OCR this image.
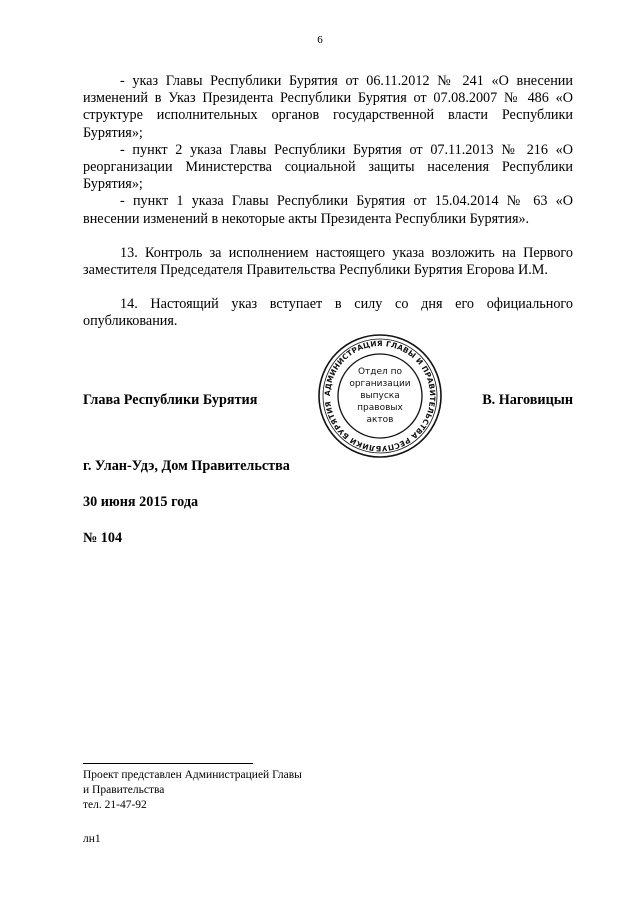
6

- указ Главы Республики Бурятия от 06.11.2012 № 241 «О внесении изменений в Указ Президента Республики Бурятия от 07.08.2007 № 486 «О структуре исполнительных органов государственной власти Республики Бурятия»;

- пункт 2 указа Главы Республики Бурятия от 07.11.2013 № 216 «О реорганизации Министерства социальной защиты населения Республики Бурятия»;

- пункт 1 указа Главы Республики Бурятия от 15.04.2014 № 63 «О внесении изменений в некоторые акты Президента Республики Бурятия».

13. Контроль за исполнением настоящего указа возложить на Первого заместителя Председателя Правительства Республики Бурятия Егорова И.М.

14. Настоящий указ вступает в силу со дня его официального опубликования.

АДМИНИСТРАЦИЯ ГЛАВЫ И ПРАВИТЕЛЬСТВА РЕСПУБЛИКИ БУРЯТИЯ
Отдел по
организации
выпуска
правовых
актов
Глава Республики Бурятия	В. Наговицын
г. Улан-Удэ, Дом Правительства
30 июня 2015 года
№ 104
Проект представлен Администрацией Главы
и Правительства
тел. 21-47-92
лн1
